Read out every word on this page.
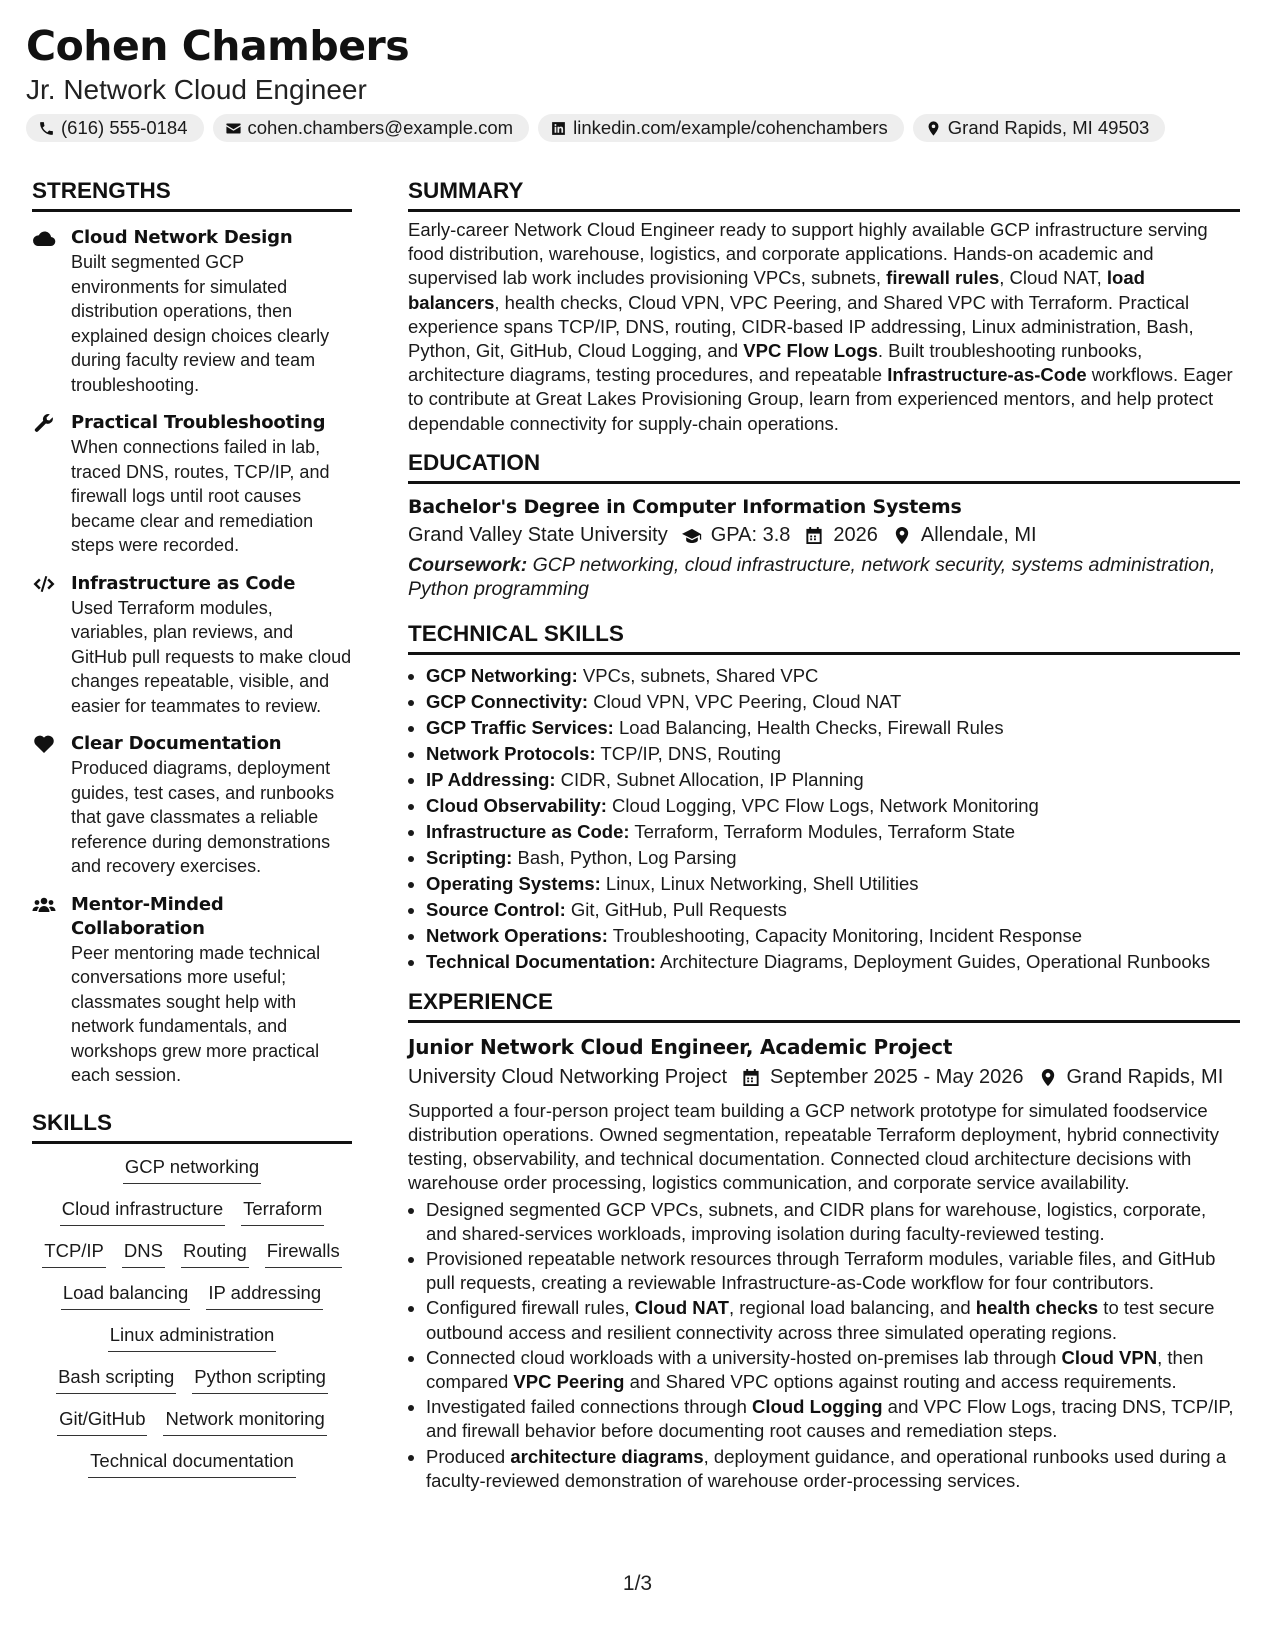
Cohen Chambers
Jr. Network Cloud Engineer
(616) 555-0184	cohen.chambers@example.com	linkedin.com/example/cohenchambers	Grand Rapids, MI 49503
STRENGTHS
Cloud Network Design
Built segmented GCP environments for simulated distribution operations, then explained design choices clearly during faculty review and team troubleshooting.
Practical Troubleshooting
When connections failed in lab, traced DNS, routes, TCP/IP, and firewall logs until root causes became clear and remediation steps were recorded.
Infrastructure as Code
Used Terraform modules, variables, plan reviews, and GitHub pull requests to make cloud changes repeatable, visible, and easier for teammates to review.
Clear Documentation
Produced diagrams, deployment guides, test cases, and runbooks that gave classmates a reliable reference during demonstrations and recovery exercises.
Mentor-Minded Collaboration
Peer mentoring made technical conversations more useful; classmates sought help with network fundamentals, and workshops grew more practical each session.
SKILLS
GCP networking
Cloud infrastructure Terraform
TCP/IP DNS Routing Firewalls
Load balancing IP addressing
Linux administration
Bash scripting Python scripting
Git/GitHub Network monitoring
Technical documentation
SUMMARY

Early-career Network Cloud Engineer ready to support highly available GCP infrastructure serving food distribution, warehouse, logistics, and corporate applications. Hands-on academic and supervised lab work includes provisioning VPCs, subnets, firewall rules, Cloud NAT, load balancers, health checks, Cloud VPN, VPC Peering, and Shared VPC with Terraform. Practical experience spans TCP/IP, DNS, routing, CIDR-based IP addressing, Linux administration, Bash, Python, Git, GitHub, Cloud Logging, and VPC Flow Logs. Built troubleshooting runbooks, architecture diagrams, testing procedures, and repeatable Infrastructure-as-Code workflows. Eager to contribute at Great Lakes Provisioning Group, learn from experienced mentors, and help protect dependable connectivity for supply-chain operations.

EDUCATION
Bachelor's Degree in Computer Information Systems
Grand Valley State University GPA: 3.8 2026 Allendale, MI
Coursework: GCP networking, cloud infrastructure, network security, systems administration, Python programming
TECHNICAL SKILLS
• GCP Networking: VPCs, subnets, Shared VPC
• GCP Connectivity: Cloud VPN, VPC Peering, Cloud NAT
• GCP Traffic Services: Load Balancing, Health Checks, Firewall Rules
• Network Protocols: TCP/IP, DNS, Routing
• IP Addressing: CIDR, Subnet Allocation, IP Planning
• Cloud Observability: Cloud Logging, VPC Flow Logs, Network Monitoring
• Infrastructure as Code: Terraform, Terraform Modules, Terraform State
• Scripting: Bash, Python, Log Parsing
• Operating Systems: Linux, Linux Networking, Shell Utilities
• Source Control: Git, GitHub, Pull Requests
• Network Operations: Troubleshooting, Capacity Monitoring, Incident Response
• Technical Documentation: Architecture Diagrams, Deployment Guides, Operational Runbooks
EXPERIENCE
Junior Network Cloud Engineer, Academic Project
University Cloud Networking Project September 2025 - May 2026 Grand Rapids, MI
Supported a four-person project team building a GCP network prototype for simulated foodservice distribution operations. Owned segmentation, repeatable Terraform deployment, hybrid connectivity testing, observability, and technical documentation. Connected cloud architecture decisions with warehouse order processing, logistics communication, and corporate service availability.
• Designed segmented GCP VPCs, subnets, and CIDR plans for warehouse, logistics, corporate, and shared-services workloads, improving isolation during faculty-reviewed testing.
• Provisioned repeatable network resources through Terraform modules, variable files, and GitHub pull requests, creating a reviewable Infrastructure-as-Code workflow for four contributors.
• Configured firewall rules, Cloud NAT, regional load balancing, and health checks to test secure outbound access and resilient connectivity across three simulated operating regions.
• Connected cloud workloads with a university-hosted on-premises lab through Cloud VPN, then compared VPC Peering and Shared VPC options against routing and access requirements.
• Investigated failed connections through Cloud Logging and VPC Flow Logs, tracing DNS, TCP/IP, and firewall behavior before documenting root causes and remediation steps.
• Produced architecture diagrams, deployment guidance, and operational runbooks used during a faculty-reviewed demonstration of warehouse order-processing services.
1/3
